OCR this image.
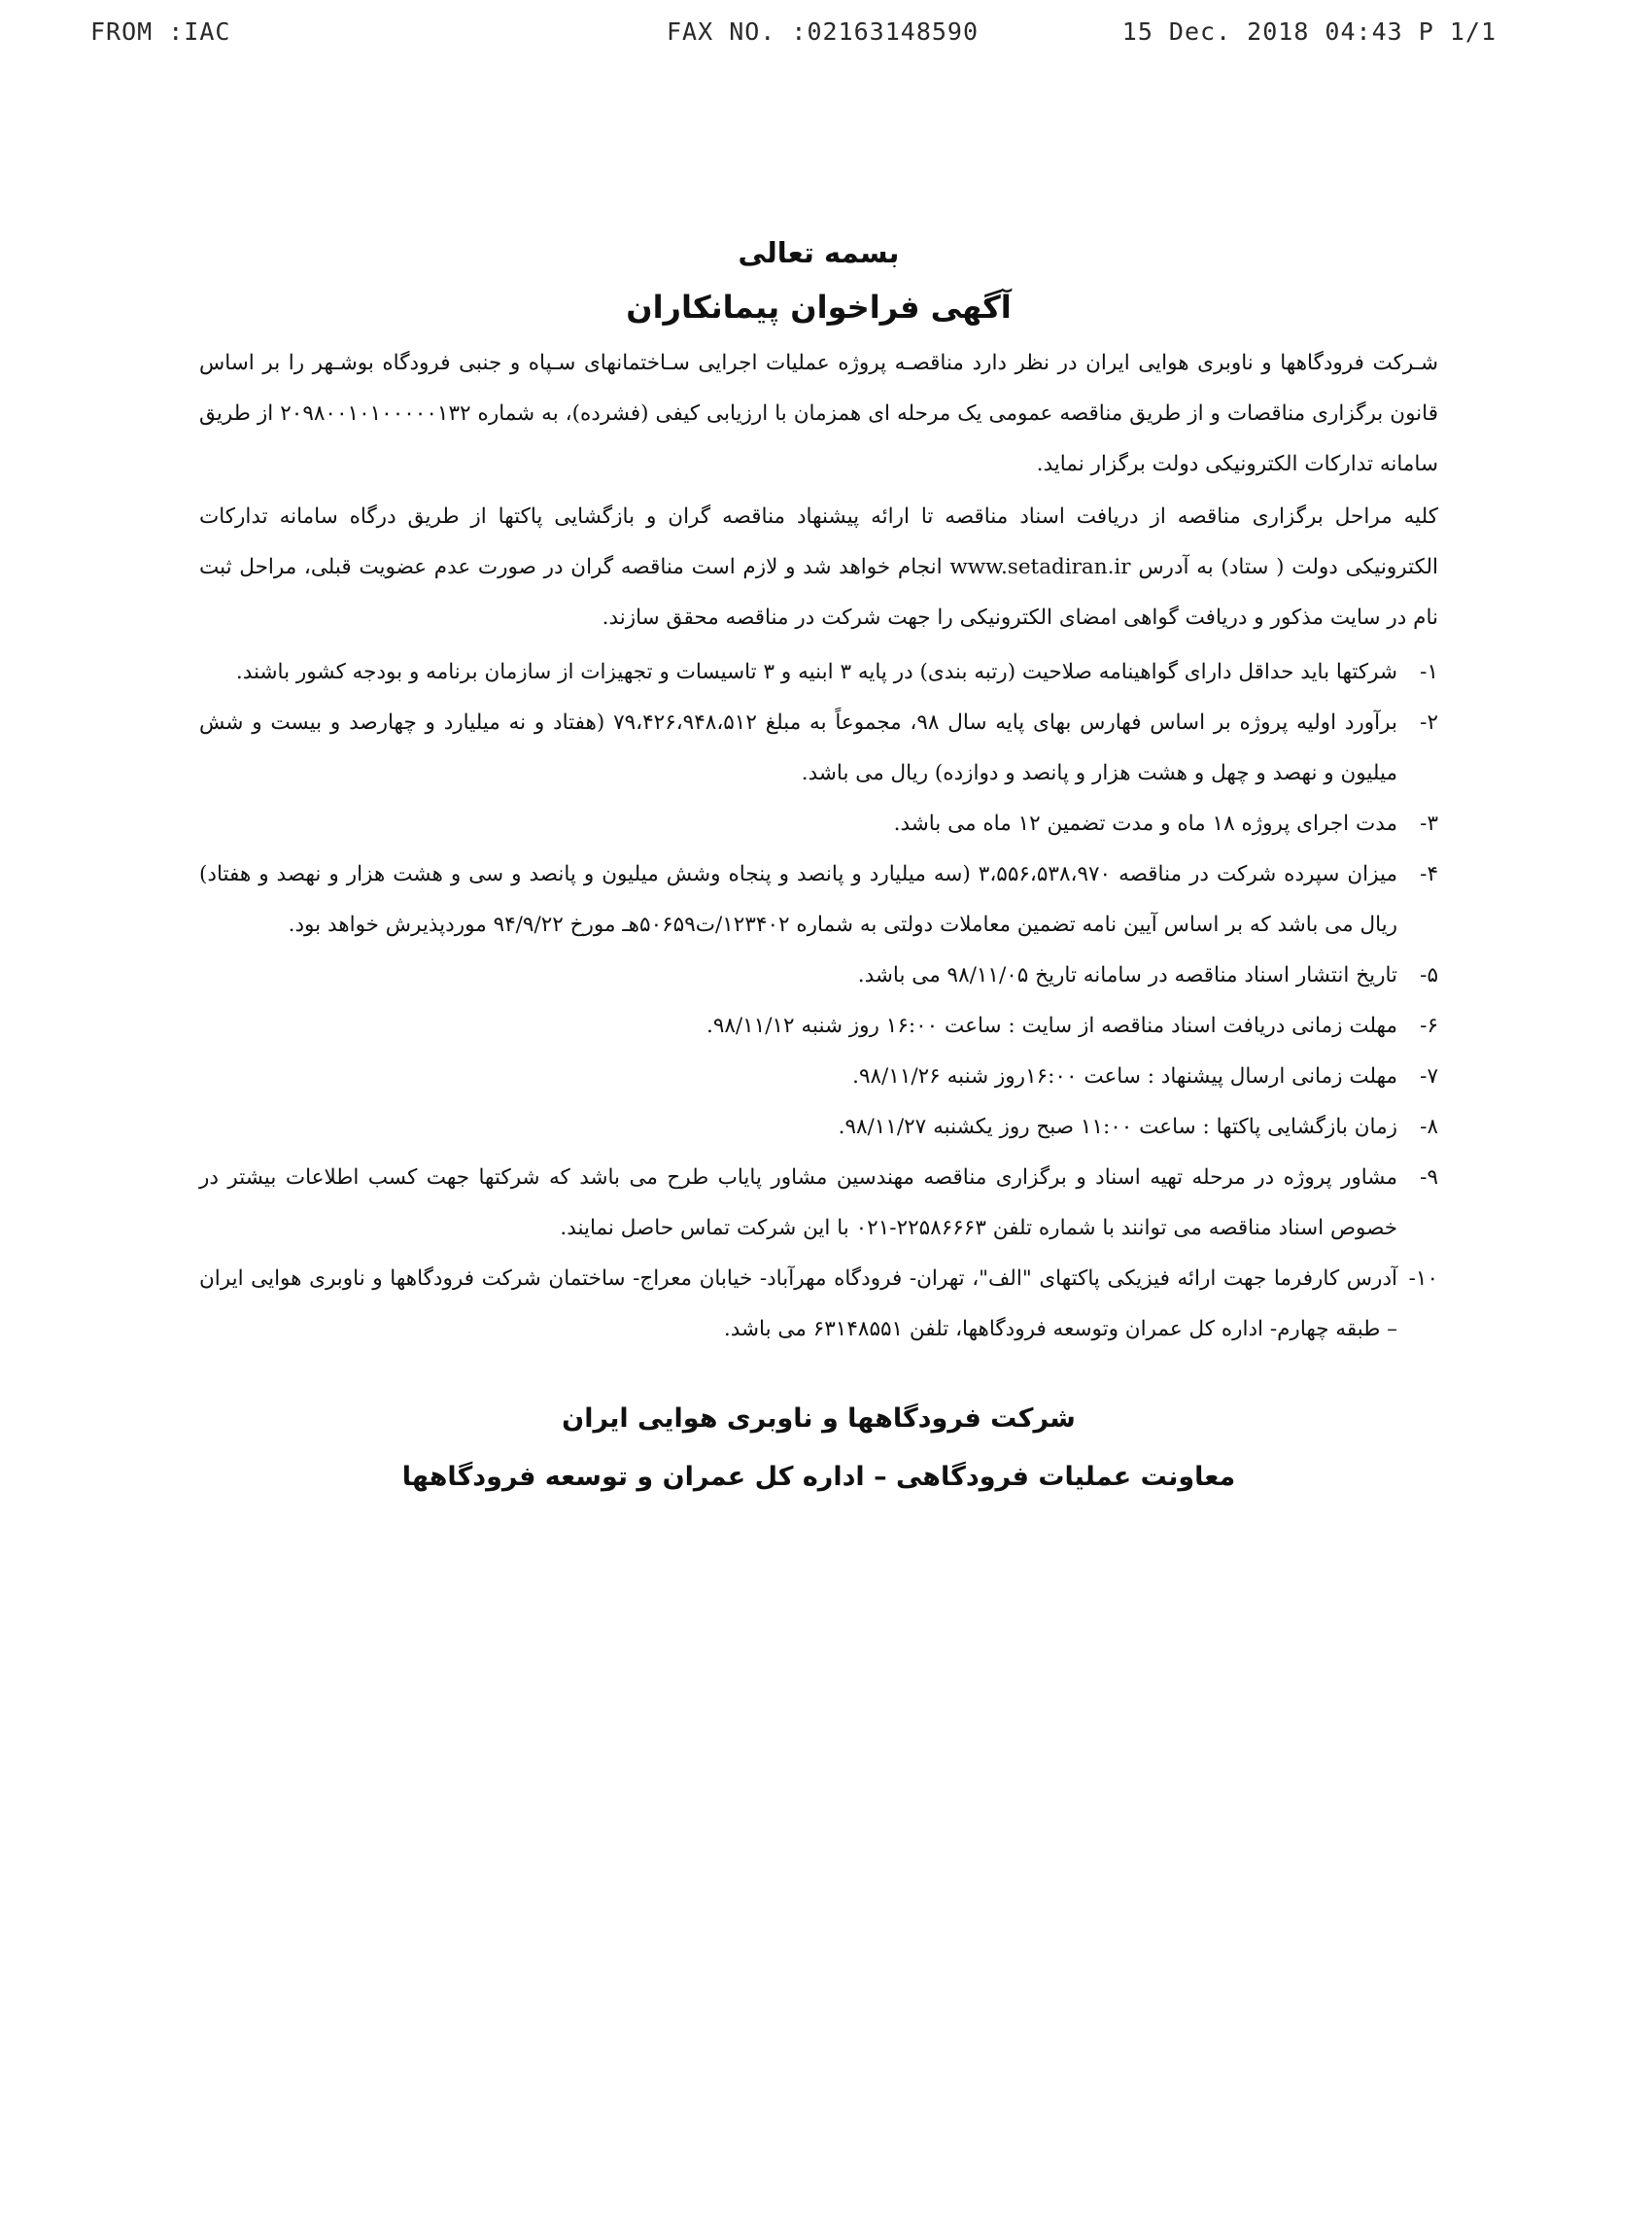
FROM :IAC	FAX NO. :02163148590	15 Dec. 2018 04:43 P 1/1
بسمه تعالی
آگهی فراخوان پیمانکاران

شـرکت فرودگاهها و ناوبری هوایی ایران در نظر دارد مناقصـه پروژه عملیات اجرایی سـاختمانهای سـپاه و جنبی فرودگاه بوشـهر را بر اساس قانون برگزاری مناقصات و از طریق مناقصه عمومی یک مرحله ای همزمان با ارزیابی کیفی (فشرده)، به شماره ۲۰۹۸۰۰۱۰۱۰۰۰۰۰۱۳۲ از طریق سامانه تدارکات الکترونیکی دولت برگزار نماید.

کلیه مراحل برگزاری مناقصه از دریافت اسناد مناقصه تا ارائه پیشنهاد مناقصه گران و بازگشایی پاکتها از طریق درگاه سامانه تدارکات الکترونیکی دولت ( ستاد) به آدرس www.setadiran.ir انجام خواهد شد و لازم است مناقصه گران در صورت عدم عضویت قبلی، مراحل ثبت نام در سایت مذکور و دریافت گواهی امضای الکترونیکی را جهت شرکت در مناقصه محقق سازند.

۱-
شرکتها باید حداقل دارای گواهینامه صلاحیت (رتبه بندی) در پایه ۳ ابنیه و ۳ تاسیسات و تجهیزات از سازمان برنامه و بودجه کشور باشند.
۲-
برآورد اولیه پروژه بر اساس فهارس بهای پایه سال ۹۸، مجموعاً به مبلغ ۷۹،۴۲۶،۹۴۸،۵۱۲ (هفتاد و نه میلیارد و چهارصد و بیست و شش میلیون و نهصد و چهل و هشت هزار و پانصد و دوازده) ریال می باشد.
۳-
مدت اجرای پروژه ۱۸ ماه و مدت تضمین ۱۲ ماه می باشد.
۴-
میزان سپرده شرکت در مناقصه ۳،۵۵۶،۵۳۸،۹۷۰ (سه میلیارد و پانصد و پنجاه وشش میلیون و پانصد و سی و هشت هزار و نهصد و هفتاد) ریال می باشد که بر اساس آیین نامه تضمین معاملات دولتی به شماره ۱۲۳۴۰۲/ت۵۰۶۵۹هـ مورخ ۹۴/۹/۲۲ موردپذیرش خواهد بود.
۵-
تاریخ انتشار اسناد مناقصه در سامانه تاریخ ۹۸/۱۱/۰۵ می باشد.
۶-
مهلت زمانی دریافت اسناد مناقصه از سایت : ساعت ۱۶:۰۰ روز شنبه ۹۸/۱۱/۱۲.
۷-
مهلت زمانی ارسال پیشنهاد : ساعت ۱۶:۰۰روز شنبه ۹۸/۱۱/۲۶.
۸-
زمان بازگشایی پاکتها : ساعت ۱۱:۰۰ صبح روز یکشنبه ۹۸/۱۱/۲۷.
۹-
مشاور پروژه در مرحله تهیه اسناد و برگزاری مناقصه مهندسین مشاور پایاب طرح می باشد که شرکتها جهت کسب اطلاعات بیشتر در خصوص اسناد مناقصه می توانند با شماره تلفن ۲۲۵۸۶۶۶۳-۰۲۱ با این شرکت تماس حاصل نمایند.
۱۰-
آدرس کارفرما جهت ارائه فیزیکی پاکتهای "الف"، تهران- فرودگاه مهرآباد- خیابان معراج- ساختمان شرکت فرودگاهها و ناوبری هوایی ایران – طبقه چهارم- اداره کل عمران وتوسعه فرودگاهها، تلفن ۶۳۱۴۸۵۵۱ می باشد.
شرکت فرودگاهها و ناوبری هوایی ایران
معاونت عملیات فرودگاهی – اداره کل عمران و توسعه فرودگاهها
